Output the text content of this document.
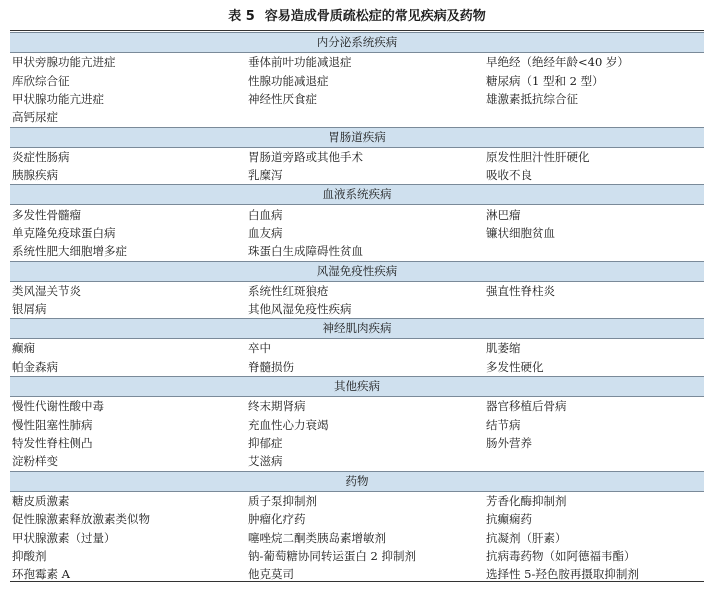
表 5 容易造成骨质疏松症的常见疾病及药物
内分泌系统疾病		
甲状旁腺功能亢进症	垂体前叶功能减退症	早绝经（绝经年龄<40 岁）
库欣综合征	性腺功能减退症	糖尿病（1 型和 2 型）
甲状腺功能亢进症	神经性厌食症	雄激素抵抗综合征
高钙尿症		
胃肠道疾病		
炎症性肠病	胃肠道旁路或其他手术	原发性胆汁性肝硬化
胰腺疾病	乳糜泻	吸收不良
血液系统疾病		
多发性骨髓瘤	白血病	淋巴瘤
单克隆免疫球蛋白病	血友病	镰状细胞贫血
系统性肥大细胞增多症	珠蛋白生成障碍性贫血	
风湿免疫性疾病		
类风湿关节炎	系统性红斑狼疮	强直性脊柱炎
银屑病	其他风湿免疫性疾病	
神经肌肉疾病		
癫痫	卒中	肌萎缩
帕金森病	脊髓损伤	多发性硬化
其他疾病		
慢性代谢性酸中毒	终末期肾病	器官移植后骨病
慢性阻塞性肺病	充血性心力衰竭	结节病
特发性脊柱侧凸	抑郁症	肠外营养
淀粉样变	艾滋病	
药物		
糖皮质激素	质子泵抑制剂	芳香化酶抑制剂
促性腺激素释放激素类似物	肿瘤化疗药	抗癫痫药
甲状腺激素（过量）	噻唑烷二酮类胰岛素增敏剂	抗凝剂（肝素）
抑酸剂	钠-葡萄糖协同转运蛋白 2 抑制剂	抗病毒药物（如阿德福韦酯）
环孢霉素 A	他克莫司	选择性 5-羟色胺再摄取抑制剂
